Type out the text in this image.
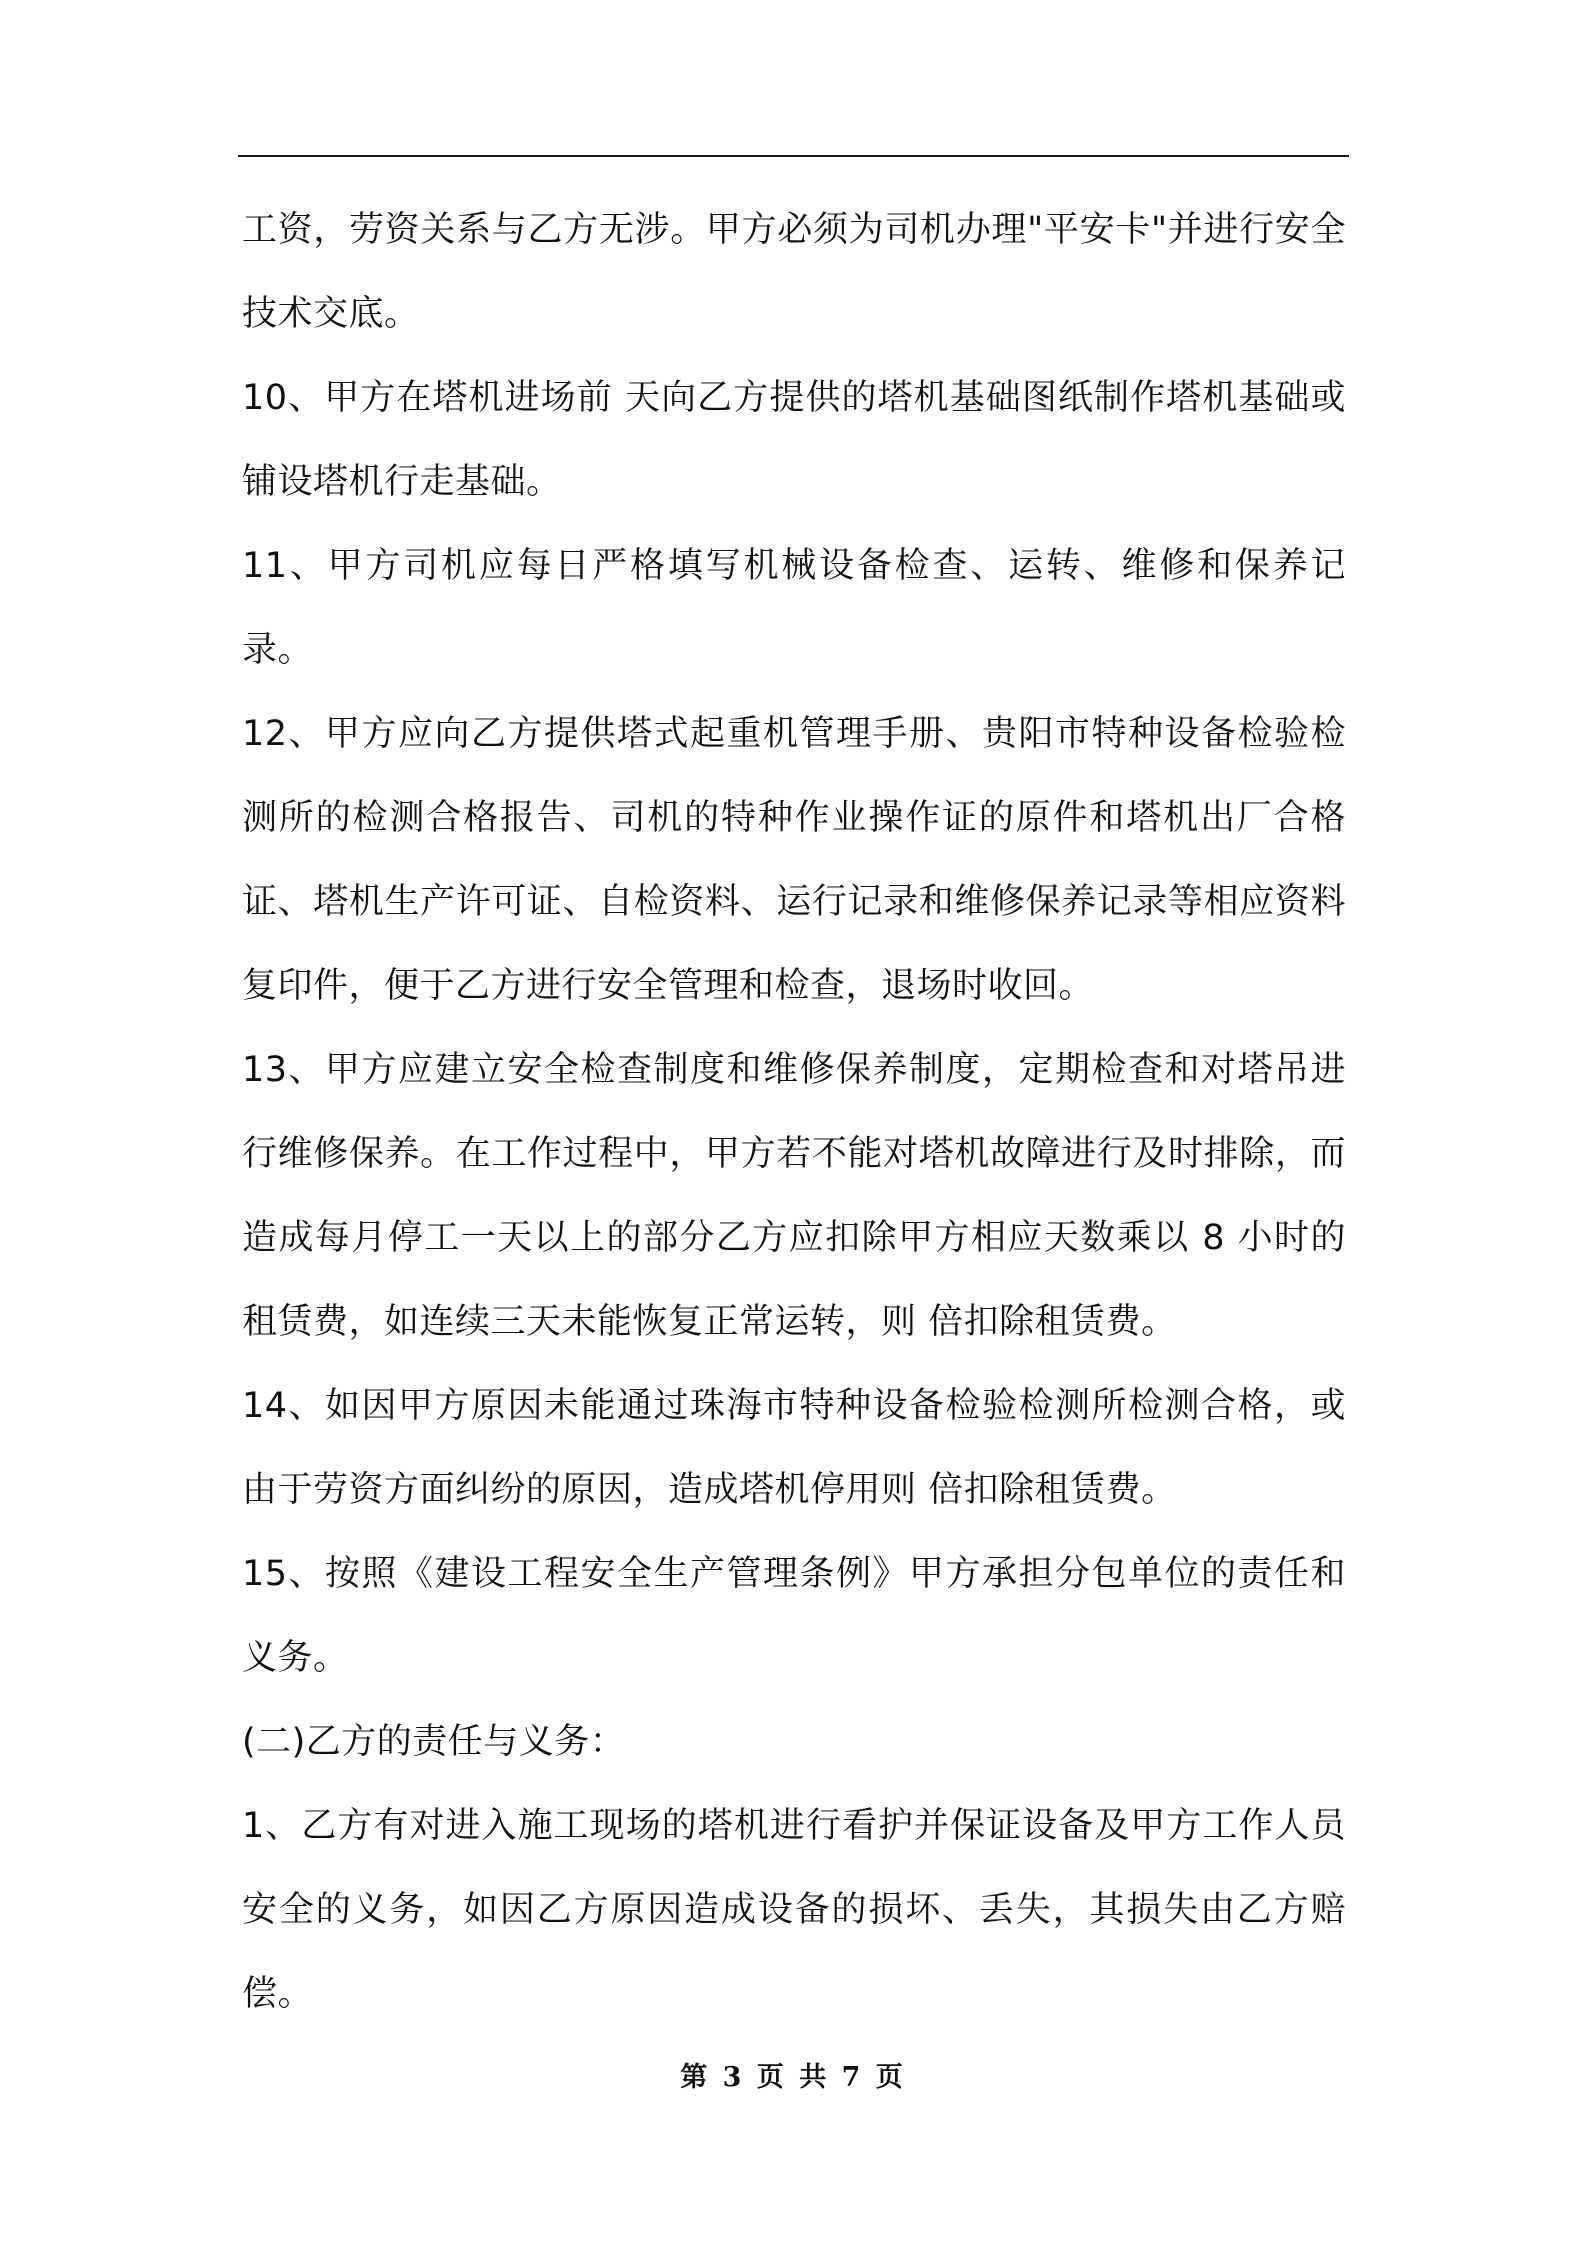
工资，劳资关系与乙方无涉。甲方必须为司机办理"平安卡"并进行安全技术交底。

10、甲方在塔机进场前 天向乙方提供的塔机基础图纸制作塔机基础或铺设塔机行走基础。

11、甲方司机应每日严格填写机械设备检查、运转、维修和保养记录。

12、甲方应向乙方提供塔式起重机管理手册、贵阳市特种设备检验检测所的检测合格报告、司机的特种作业操作证的原件和塔机出厂合格证、塔机生产许可证、自检资料、运行记录和维修保养记录等相应资料复印件，便于乙方进行安全管理和检查，退场时收回。

13、甲方应建立安全检查制度和维修保养制度，定期检查和对塔吊进行维修保养。在工作过程中，甲方若不能对塔机故障进行及时排除，而造成每月停工一天以上的部分乙方应扣除甲方相应天数乘以 8 小时的租赁费，如连续三天未能恢复正常运转，则 倍扣除租赁费。

14、如因甲方原因未能通过珠海市特种设备检验检测所检测合格，或由于劳资方面纠纷的原因，造成塔机停用则 倍扣除租赁费。

15、按照《建设工程安全生产管理条例》甲方承担分包单位的责任和义务。

(二)乙方的责任与义务：

1、乙方有对进入施工现场的塔机进行看护并保证设备及甲方工作人员安全的义务，如因乙方原因造成设备的损坏、丢失，其损失由乙方赔偿。

第 3 页 共 7 页
